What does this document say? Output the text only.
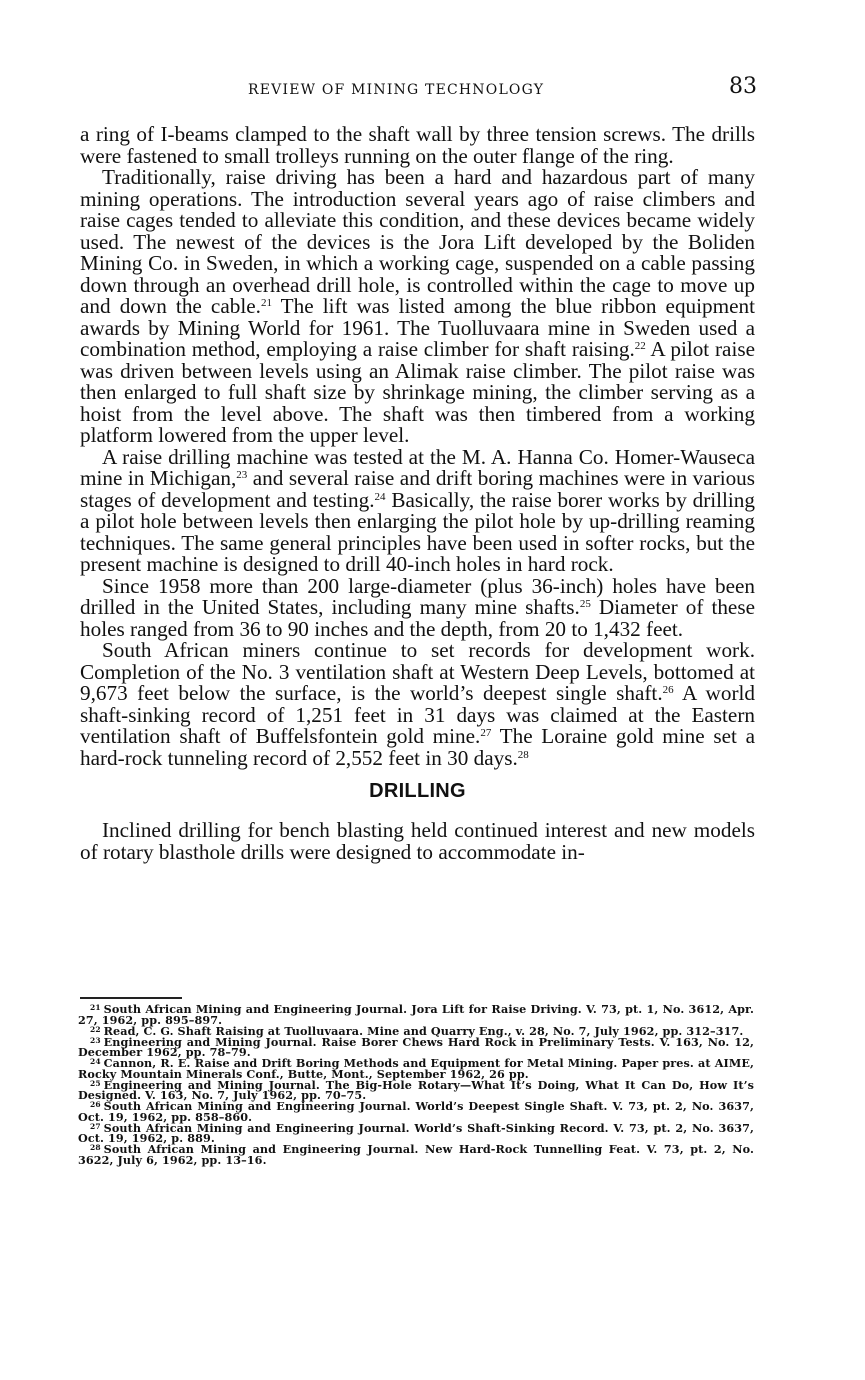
REVIEW OF MINING TECHNOLOGY	83

a ring of I-beams clamped to the shaft wall by three tension screws. The drills were fastened to small trolleys running on the outer flange of the ring.

Traditionally, raise driving has been a hard and hazardous part of many mining operations. The introduction several years ago of raise climbers and raise cages tended to alleviate this condition, and these devices became widely used. The newest of the devices is the Jora Lift developed by the Boliden Mining Co. in Sweden, in which a working cage, suspended on a cable passing down through an overhead drill hole, is controlled within the cage to move up and down the cable.$^{21}$ The lift was listed among the blue ribbon equipment awards by Mining World for 1961. The Tuolluvaara mine in Sweden used a combination method, employing a raise climber for shaft raising.$^{22}$ A pilot raise was driven between levels using an Alimak raise climber. The pilot raise was then enlarged to full shaft size by shrinkage mining, the climber serving as a hoist from the level above. The shaft was then timbered from a working platform lowered from the upper level.

A raise drilling machine was tested at the M. A. Hanna Co. Homer-Wauseca mine in Michigan,$^{23}$ and several raise and drift boring machines were in various stages of development and testing.$^{24}$ Basically, the raise borer works by drilling a pilot hole between levels then enlarging the pilot hole by up-drilling reaming techniques. The same general principles have been used in softer rocks, but the present machine is designed to drill 40-inch holes in hard rock.

Since 1958 more than 200 large-diameter (plus 36-inch) holes have been drilled in the United States, including many mine shafts.$^{25}$ Diameter of these holes ranged from 36 to 90 inches and the depth, from 20 to 1,432 feet.

South African miners continue to set records for development work. Completion of the No. 3 ventilation shaft at Western Deep Levels, bottomed at 9,673 feet below the surface, is the world’s deepest single shaft.$^{26}$ A world shaft-sinking record of 1,251 feet in 31 days was claimed at the Eastern ventilation shaft of Buffelsfontein gold mine.$^{27}$ The Loraine gold mine set a hard-rock tunneling record of 2,552 feet in 30 days.$^{28}$

DRILLING

Inclined drilling for bench blasting held continued interest and new models of rotary blasthole drills were designed to accommodate in-

$^{21}$ South African Mining and Engineering Journal. Jora Lift for Raise Driving. V. 73, pt. 1, No. 3612, Apr. 27, 1962, pp. 895–897.

$^{22}$ Read, C. G. Shaft Raising at Tuolluvaara. Mine and Quarry Eng., v. 28, No. 7, July 1962, pp. 312–317.

$^{23}$ Engineering and Mining Journal. Raise Borer Chews Hard Rock in Preliminary Tests. V. 163, No. 12, December 1962, pp. 78–79.

$^{24}$ Cannon, R. E. Raise and Drift Boring Methods and Equipment for Metal Mining. Paper pres. at AIME, Rocky Mountain Minerals Conf., Butte, Mont., September 1962, 26 pp.

$^{25}$ Engineering and Mining Journal. The Big-Hole Rotary—What It’s Doing, What It Can Do, How It’s Designed. V. 163, No. 7, July 1962, pp. 70–75.

$^{26}$ South African Mining and Engineering Journal. World’s Deepest Single Shaft. V. 73, pt. 2, No. 3637, Oct. 19, 1962, pp. 858–860.

$^{27}$ South African Mining and Engineering Journal. World’s Shaft-Sinking Record. V. 73, pt. 2, No. 3637, Oct. 19, 1962, p. 889.

$^{28}$ South African Mining and Engineering Journal. New Hard-Rock Tunnelling Feat. V. 73, pt. 2, No. 3622, July 6, 1962, pp. 13–16.
